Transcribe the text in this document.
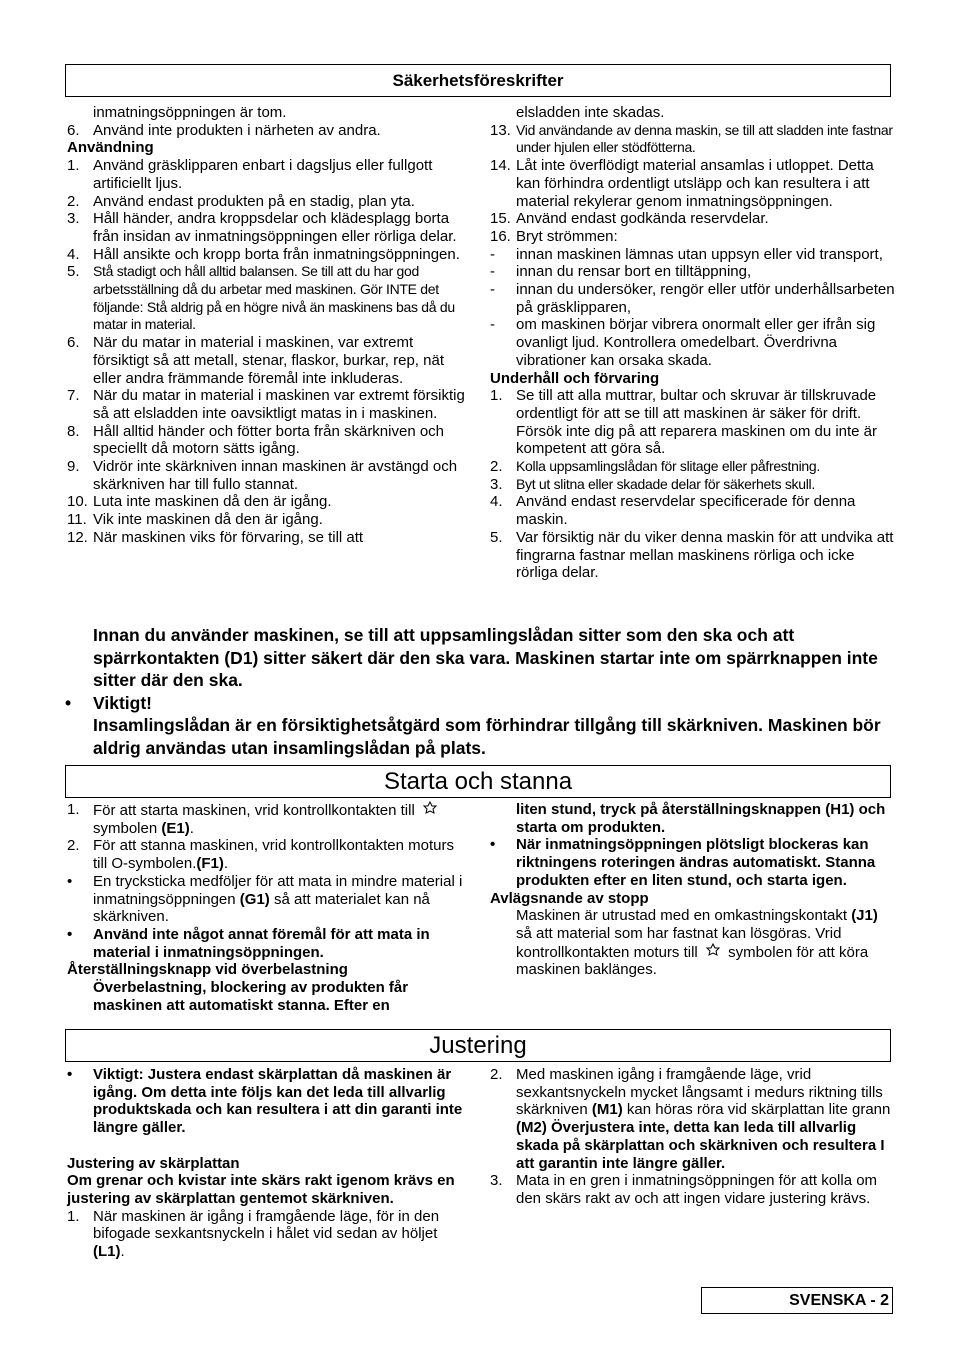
Säkerhetsföreskrifter
inmatningsöppningen är tom.
6. Använd inte produkten i närheten av andra.
Användning
1. Använd gräsklipparen enbart i dagsljus eller fullgott artificiellt ljus.
2. Använd endast produkten på en stadig, plan yta.
3. Håll händer, andra kroppsdelar och klädesplagg borta från insidan av inmatningsöppningen eller rörliga delar.
4. Håll ansikte och kropp borta från inmatningsöppningen.
5. Stå stadigt och håll alltid balansen. Se till att du har god arbetsställning då du arbetar med maskinen. Gör INTE det följande: Stå aldrig på en högre nivå än maskinens bas då du matar in material.
6. När du matar in material i maskinen, var extremt försiktigt så att metall, stenar, flaskor, burkar, rep, nät eller andra främmande föremål inte inkluderas.
7. När du matar in material i maskinen var extremt försiktig så att elsladden inte oavsiktligt matas in i maskinen.
8. Håll alltid händer och fötter borta från skärkniven och speciellt då motorn sätts igång.
9. Vidrör inte skärkniven innan maskinen är avstängd och skärkniven har till fullo stannat.
10. Luta inte maskinen då den är igång.
11. Vik inte maskinen då den är igång.
12. När maskinen viks för förvaring, se till att
elsladden inte skadas.
13. Vid användande av denna maskin, se till att sladden inte fastnar under hjulen eller stödfötterna.
14. Låt inte överflödigt material ansamlas i utloppet. Detta kan förhindra ordentligt utsläpp och kan resultera i att material rekylerar genom inmatningsöppningen.
15. Använd endast godkända reservdelar.
16. Bryt strömmen:
-	innan maskinen lämnas utan uppsyn eller vid transport,
-	innan du rensar bort en tilltäppning,
-	innan du undersöker, rengör eller utför underhållsarbeten på gräsklipparen,
-	om maskinen börjar vibrera onormalt eller ger ifrån sig ovanligt ljud. Kontrollera omedelbart. Överdrivna vibrationer kan orsaka skada.
Underhåll och förvaring
1. Se till att alla muttrar, bultar och skruvar är tillskruvade ordentligt för att se till att maskinen är säker för drift. Försök inte dig på att reparera maskinen om du inte är kompetent att göra så.
2. Kolla uppsamlingslådan för slitage eller påfrestning.
3. Byt ut slitna eller skadade delar för säkerhets skull.
4. Använd endast reservdelar specificerade för denna maskin.
5. Var försiktig när du viker denna maskin för att undvika att fingrarna fastnar mellan maskinens rörliga och icke rörliga delar.
Innan du använder maskinen, se till att uppsamlingslådan sitter som den ska och att spärrkontakten (D1) sitter säkert där den ska vara. Maskinen startar inte om spärrknappen inte sitter där den ska.
•	Viktigt!
Insamlingslådan är en försiktighetsåtgärd som förhindrar tillgång till skärkniven. Maskinen bör aldrig användas utan insamlingslådan på plats.
Starta och stanna
1. För att starta maskinen, vrid kontrollkontakten till  symbolen (E1).
2. För att stanna maskinen, vrid kontrollkontakten moturs till O-symbolen.(F1).
•	En trycksticka medföljer för att mata in mindre material i inmatningsöppningen (G1) så att materialet kan nå skärkniven.
•	Använd inte något annat föremål för att mata in material i inmatningsöppningen.
Återställningsknapp vid överbelastning
Överbelastning, blockering av produkten får maskinen att automatiskt stanna. Efter en
liten stund, tryck på återställningsknappen (H1) och starta om produkten.
•	När inmatningsöppningen plötsligt blockeras kan riktningens roteringen ändras automatiskt. Stanna produkten efter en liten stund, och starta igen.
Avlägsnande av stopp
Maskinen är utrustad med en omkastningskontakt (J1) så att material som har fastnat kan lösgöras. Vrid kontrollkontakten moturs till symbolen för att köra maskinen baklänges.
Justering
•	Viktigt: Justera endast skärplattan då maskinen är igång. Om detta inte följs kan det leda till allvarlig produktskada och kan resultera i att din garanti inte längre gäller.
Justering av skärplattan
Om grenar och kvistar inte skärs rakt igenom krävs en justering av skärplattan gentemot skärkniven.
1. När maskinen är igång i framgående läge, för in den bifogade sexkantsnyckeln i hålet vid sedan av höljet (L1).
2. Med maskinen igång i framgående läge, vrid sexkantsnyckeln mycket långsamt i medurs riktning tills skärkniven (M1) kan höras röra vid skärplattan lite grann (M2) Överjustera inte, detta kan leda till allvarlig skada på skärplattan och skärkniven och resultera I att garantin inte längre gäller.
3. Mata in en gren i inmatningsöppningen för att kolla om den skärs rakt av och att ingen vidare justering krävs.
SVENSKA - 2
